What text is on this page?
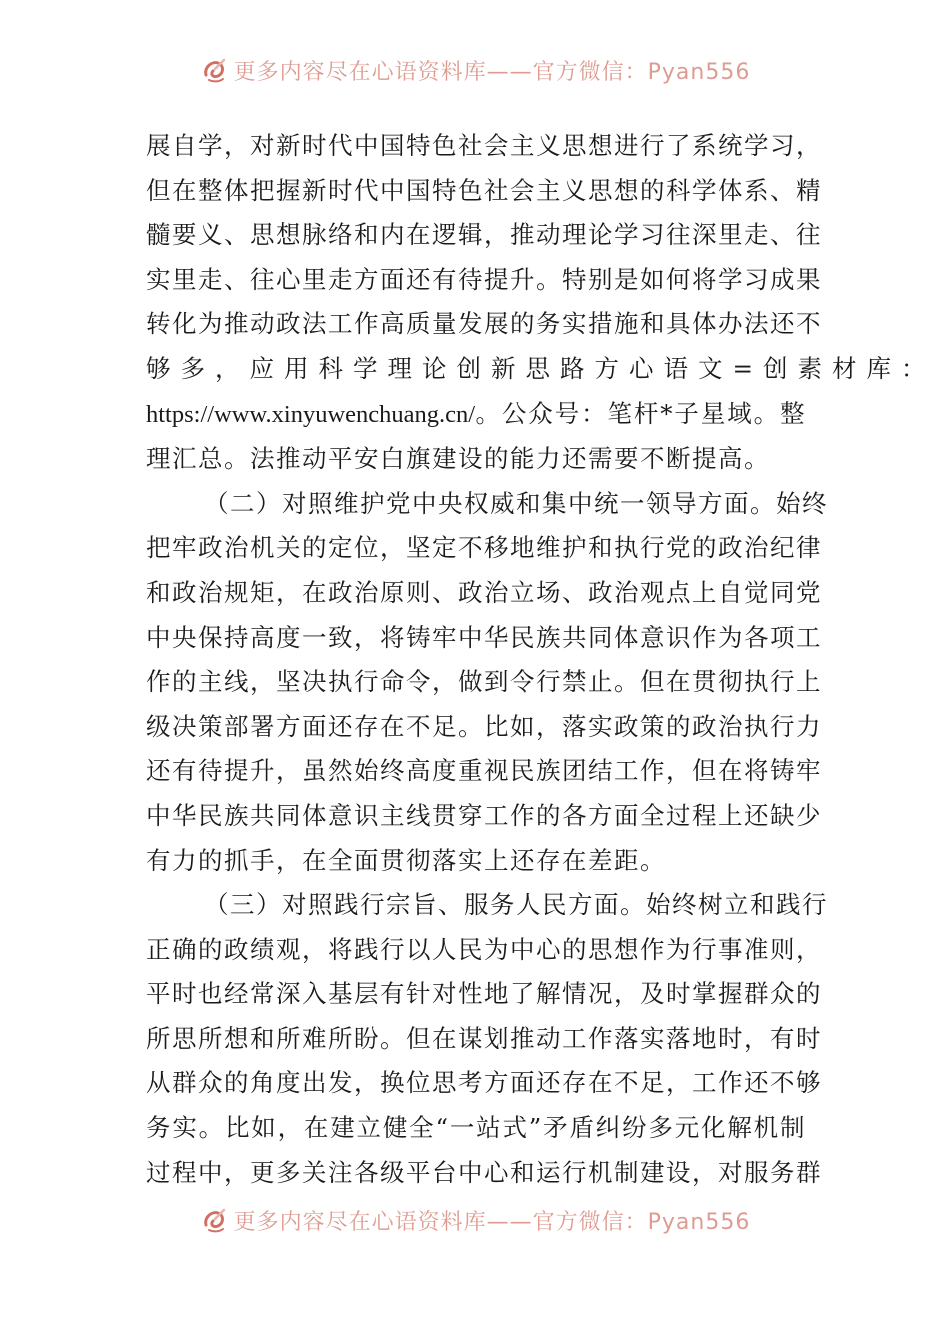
更多内容尽在心语资料库——官方微信：Pyan556
展自学，对新时代中国特色社会主义思想进行了系统学习，
但在整体把握新时代中国特色社会主义思想的科学体系、精
髓要义、思想脉络和内在逻辑，推动理论学习往深里走、往
实里走、往心里走方面还有待提升。特别是如何将学习成果
转化为推动政法工作高质量发展的务实措施和具体办法还不
够多，应用科学理论创新思路方心语文=创素材库：
https://www.xinyuwenchuang.cn/。公众号：笔杆*子星域。整
理汇总。法推动平安白旗建设的能力还需要不断提高。
（二）对照维护党中央权威和集中统一领导方面。始终
把牢政治机关的定位，坚定不移地维护和执行党的政治纪律
和政治规矩，在政治原则、政治立场、政治观点上自觉同党
中央保持高度一致，将铸牢中华民族共同体意识作为各项工
作的主线，坚决执行命令，做到令行禁止。但在贯彻执行上
级决策部署方面还存在不足。比如，落实政策的政治执行力
还有待提升，虽然始终高度重视民族团结工作，但在将铸牢
中华民族共同体意识主线贯穿工作的各方面全过程上还缺少
有力的抓手，在全面贯彻落实上还存在差距。
（三）对照践行宗旨、服务人民方面。始终树立和践行
正确的政绩观，将践行以人民为中心的思想作为行事准则，
平时也经常深入基层有针对性地了解情况，及时掌握群众的
所思所想和所难所盼。但在谋划推动工作落实落地时，有时
从群众的角度出发，换位思考方面还存在不足，工作还不够
务实。比如，在建立健全“一站式”矛盾纠纷多元化解机制
过程中，更多关注各级平台中心和运行机制建设，对服务群
更多内容尽在心语资料库——官方微信：Pyan556
